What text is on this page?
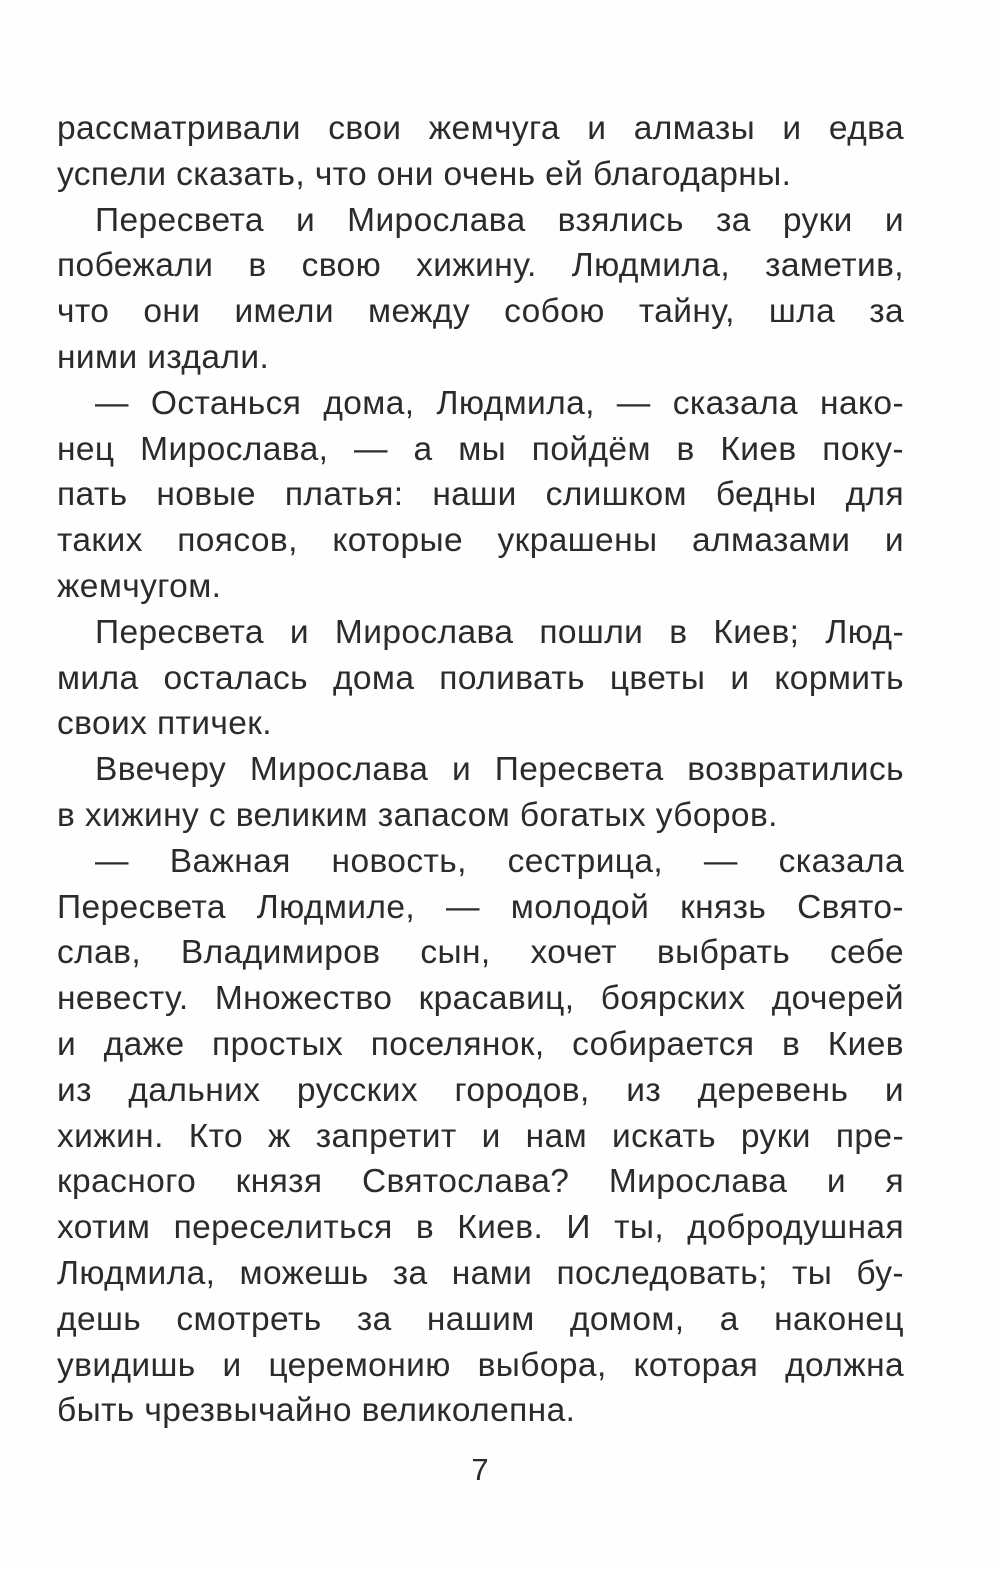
рассматривали свои жемчуга и алмазы и едва
успели сказать, что они очень ей благодарны.
Пересвета и Мирослава взялись за руки и
побежали в свою хижину. Людмила, заметив,
что они имели между собою тайну, шла за
ними издали.
— Останься дома, Людмила, — сказала нако-
нец Мирослава, — а мы пойдём в Киев поку-
пать новые платья: наши слишком бедны для
таких поясов, которые украшены алмазами и
жемчугом.
Пересвета и Мирослава пошли в Киев; Люд-
мила осталась дома поливать цветы и кормить
своих птичек.
Ввечеру Мирослава и Пересвета возвратились
в хижину с великим запасом богатых уборов.
— Важная новость, сестрица, — сказала
Пересвета Людмиле, — молодой князь Свято-
слав, Владимиров сын, хочет выбрать себе
невесту. Множество красавиц, боярских дочерей
и даже простых поселянок, собирается в Киев
из дальних русских городов, из деревень и
хижин. Кто ж запретит и нам искать руки пре-
красного князя Святослава? Мирослава и я
хотим переселиться в Киев. И ты, добродушная
Людмила, можешь за нами последовать; ты бу-
дешь смотреть за нашим домом, а наконец
увидишь и церемонию выбора, которая должна
быть чрезвычайно великолепна.
7
